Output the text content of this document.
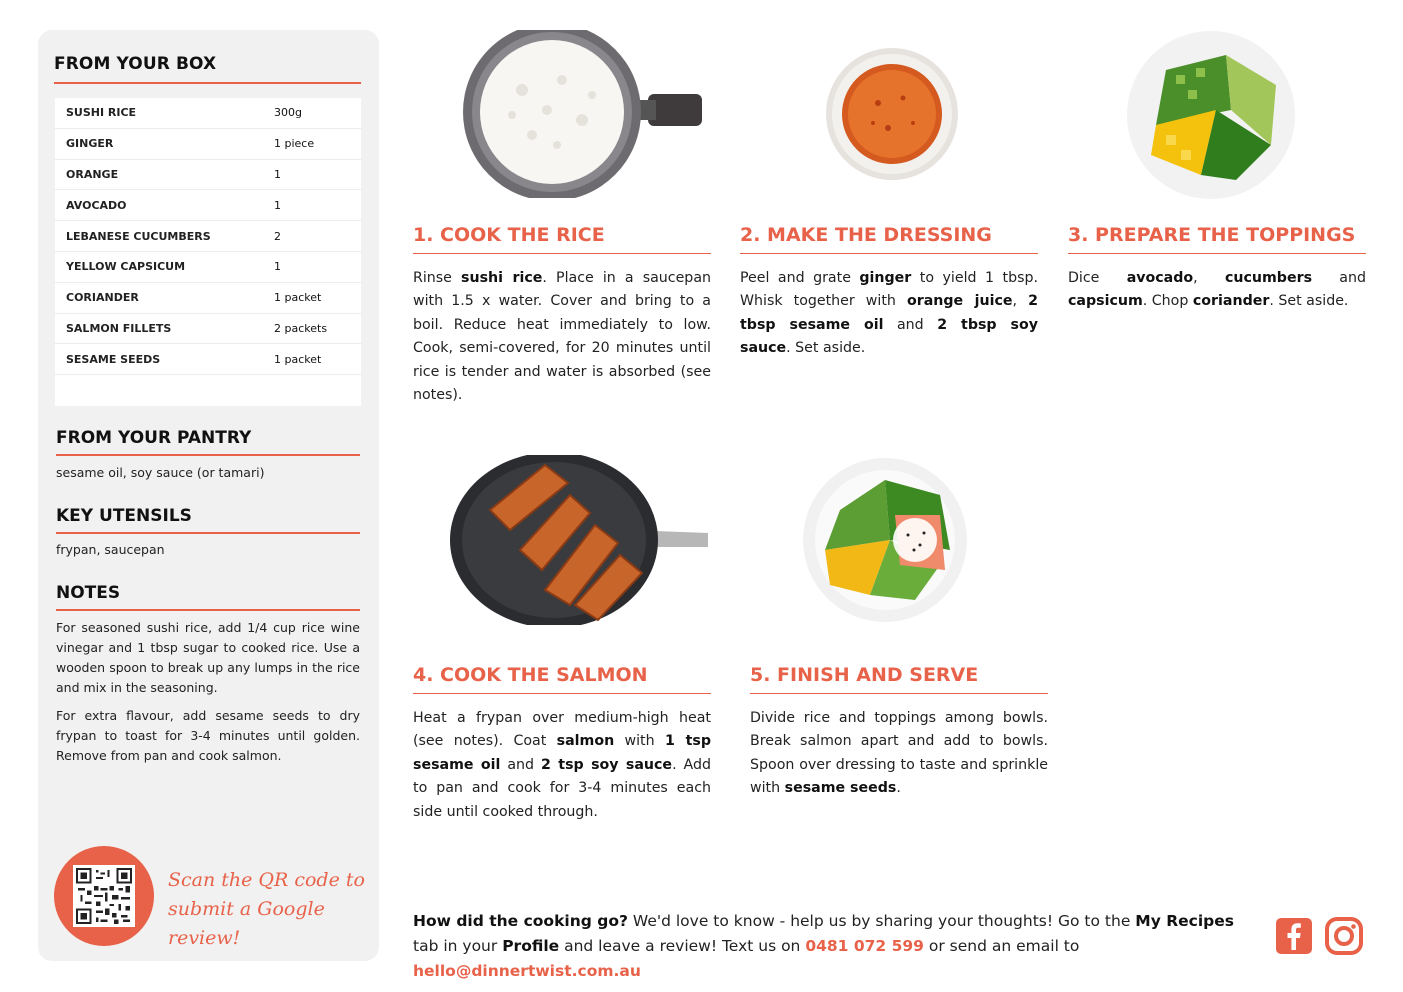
FROM YOUR BOX
SUSHI RICE	300g
GINGER	1 piece
ORANGE	1
AVOCADO	1
LEBANESE CUCUMBERS	2
YELLOW CAPSICUM	1
CORIANDER	1 packet
SALMON FILLETS	2 packets
SESAME SEEDS	1 packet
FROM YOUR PANTRY
sesame oil, soy sauce (or tamari)
KEY UTENSILS
frypan, saucepan
NOTES

For seasoned sushi rice, add 1/4 cup rice wine vinegar and 1 tbsp sugar to cooked rice. Use a wooden spoon to break up any lumps in the rice and mix in the seasoning.

For extra flavour, add sesame seeds to dry frypan to toast for 3-4 minutes until golden. Remove from pan and cook salmon.

Scan the QR code to
submit a Google review!
1. COOK THE RICE	2. MAKE THE DRESSING	3. PREPARE THE TOPPINGS
4. COOK THE SALMON	5. FINISH AND SERVE
Rinse sushi rice. Place in a saucepan with 1.5 x water. Cover and bring to a boil. Reduce heat immediately to low. Cook, semi-covered, for 20 minutes until rice is tender and water is absorbed (see notes).
Peel and grate ginger to yield 1 tbsp. Whisk together with orange juice, 2 tbsp sesame oil and 2 tbsp soy sauce. Set aside.
Dice avocado, cucumbers and capsicum. Chop coriander. Set aside.
Heat a frypan over medium-high heat (see notes). Coat salmon with 1 tsp sesame oil and 2 tsp soy sauce. Add to pan and cook for 3-4 minutes each side until cooked through.
Divide rice and toppings among bowls. Break salmon apart and add to bowls. Spoon over dressing to taste and sprinkle with sesame seeds.
How did the cooking go? We'd love to know - help us by sharing your thoughts! Go to the My Recipes tab in your Profile and leave a review! Text us on 0481 072 599 or send an email to hello@dinnertwist.com.au
